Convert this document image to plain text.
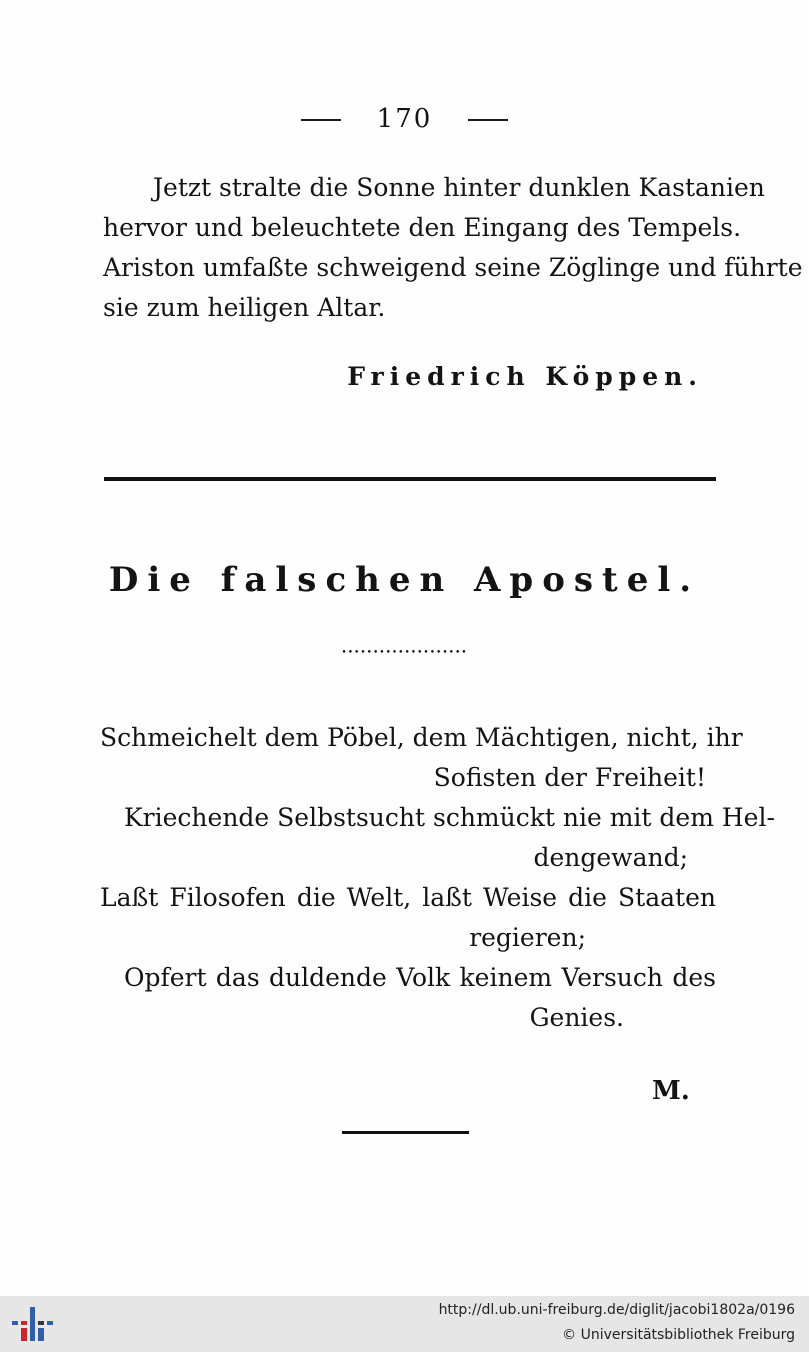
170
Jetzt stralte die Sonne hinter dunklen Kastanien
hervor und beleuchtete den Eingang des Tempels.
Ariston umfaßte schweigend seine Zöglinge und führte
sie zum heiligen Altar.
Friedrich Köppen.
Die falschen Apostel.
••••••••••••••••••••
Schmeichelt dem Pöbel, dem Mächtigen, nicht, ihr
Sofisten der Freiheit!
Kriechende Selbstsucht schmückt nie mit dem Hel-
dengewand;
Laßt Filosofen die Welt, laßt Weise die Staaten
regieren;
Opfert das duldende Volk keinem Versuch des
Genies.
M.
http://dl.ub.uni-freiburg.de/diglit/jacobi1802a/0196
© Universitätsbibliothek Freiburg
